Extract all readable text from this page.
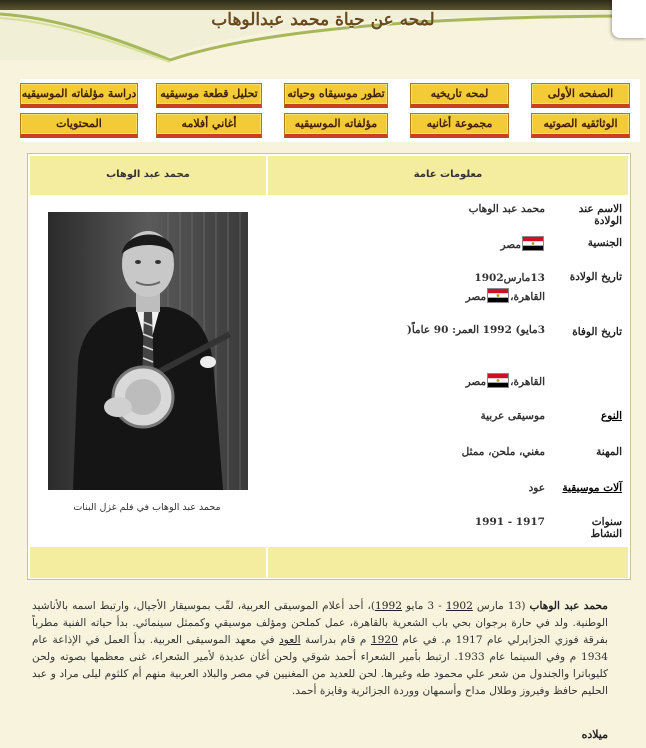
لمحه عن حياة محمد عبدالوهاب
الصفحه الأولى
لمحه تاريخيه
تطور موسيقاه وحياته
تحليل قطعة موسيقيه
دراسة مؤلفاته الموسيقيه
الوثائقيه الصوتيه
مجموعة أغانيه
مؤلفاته الموسيقيه
أغاني أفلامه
المحتويات
معلومات عامة
محمد عبد الوهاب
محمد عبد الوهاب في فلم غزل البنات
الاسم عند الولادة
محمد عبد الوهاب
الجنسية
مصر
تاريخ الولادة
13مارس1902
القاهرة،مصر
تاريخ الوفاة
3مايو) 1992 العمر: 90 عاماً(
القاهرة،مصر
النوع
موسيقى عربية
المهنة
مغني، ملحن، ممثل
آلات موسيقية
عود
سنوات النشاط
1917 - 1991
محمد عبد الوهاب (13 مارس 1902 - 3 مايو 1992)، أحد أعلام الموسيقى العربية، لقّب بموسيقار الأجيال، وارتبط اسمه بالأناشيد الوطنية. ولد في حارة برجوان بحي باب الشعرية بالقاهرة، عمل كملحن ومؤلف موسيقي وكممثل سينمائي. بدأ حياته الفنية مطرباً بفرقة فوزي الجزايرلي عام 1917 م. في عام 1920 م قام بدراسة العود في معهد الموسيقى العربية. بدأ العمل في الإذاعة عام 1934 م وفي السينما عام 1933. ارتبط بأمير الشعراء أحمد شوقي ولحن أغان عديدة لأمير الشعراء، غنى معظمها بصوته ولحن كليوباترا والجندول من شعر علي محمود طه وغيرها. لحن للعديد من المغنيين في مصر والبلاد العربية منهم أم كلثوم ليلى مراد و عبد الحليم حافظ وفيروز وطلال مداح وأسمهان ووردة الجزائرية وفايزة أحمد.
ميلاده
